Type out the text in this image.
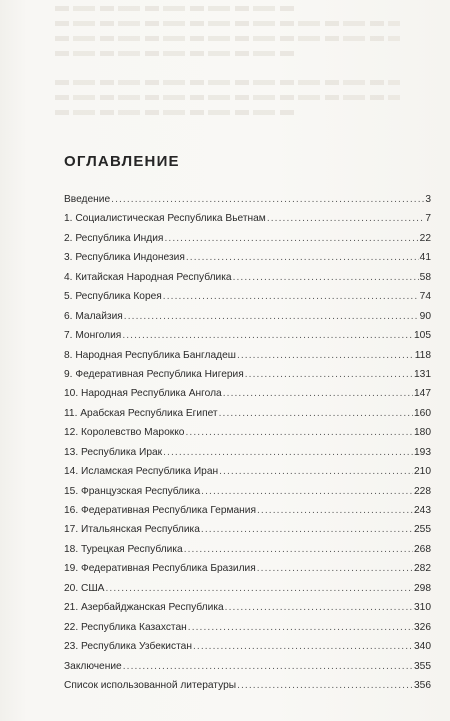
ОГЛАВЛЕНИЕ
Введение .....	3
1. Социалистическая Республика Вьетнам .....	7
2. Республика Индия .....	22
3. Республика Индонезия .....	41
4. Китайская Народная Республика .....	58
5. Республика Корея .....	74
6. Малайзия .....	90
7. Монголия .....	105
8. Народная Республика Бангладеш .....	118
9. Федеративная Республика Нигерия .....	131
10. Народная Республика Ангола .....	147
11. Арабская Республика Египет .....	160
12. Королевство Марокко .....	180
13. Республика Ирак .....	193
14. Исламская Республика Иран .....	210
15. Французская Республика .....	228
16. Федеративная Республика Германия .....	243
17. Итальянская Республика .....	255
18. Турецкая Республика .....	268
19. Федеративная Республика Бразилия .....	282
20. США .....	298
21. Азербайджанская Республика .....	310
22. Республика Казахстан .....	326
23. Республика Узбекистан .....	340
Заключение .....	355
Список использованной литературы .....	356
